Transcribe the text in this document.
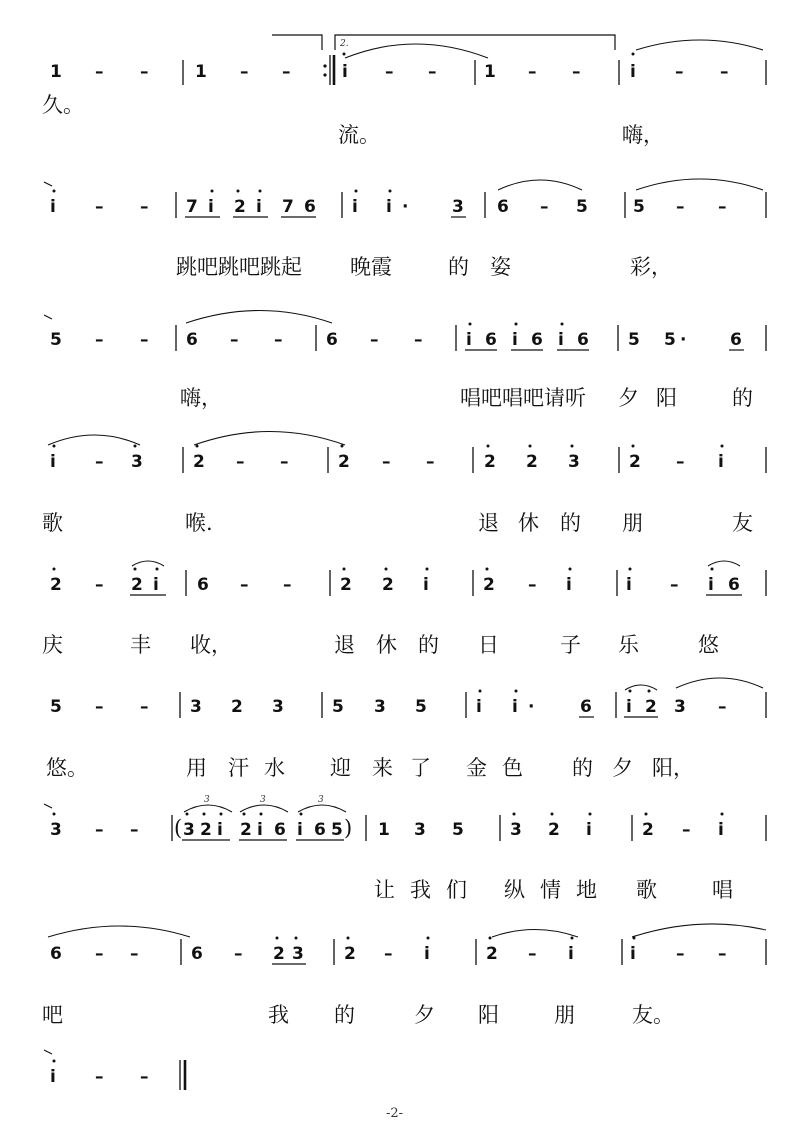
2.
1 – –	1 – –	i – –	1 – –	i – –
久。
流。	嗨，
i – – 7 i 2 i 7 6 i i ·	3 6 – 5	5 – –
跳吧跳吧跳起 晚霞	的 姿	彩，
5 – – 6 – –	6 – –	i 6 i 6 i 6 5 5 ·	6
嗨，	唱吧唱吧请听 夕 阳	的
i – 3	2 – –	2 – –	2 2 3	2 – i
歌	喉.	退 休 的 朋	友
2 – 2 i 6 – –	2 2 i	2 – i	i – i 6
庆	丰 收，	退 休 的 日	子 乐	悠
5 – – 3 2 3	5 3 5	i i ·	6 i 2 3 –
悠。	用 汗 水 迎 来 了 金 色 的 夕 阳，
3	3	3
3 – – ( 3 2 i 2 i 6 i 6 5 ) 1 3 5	3 2 i	2 – i
让 我 们 纵 情 地 歌	唱
6 – –	6 – 2 3 2 – i	2 – i	i – –
吧	我 的	夕 阳	朋	友。
i – –
-2-
